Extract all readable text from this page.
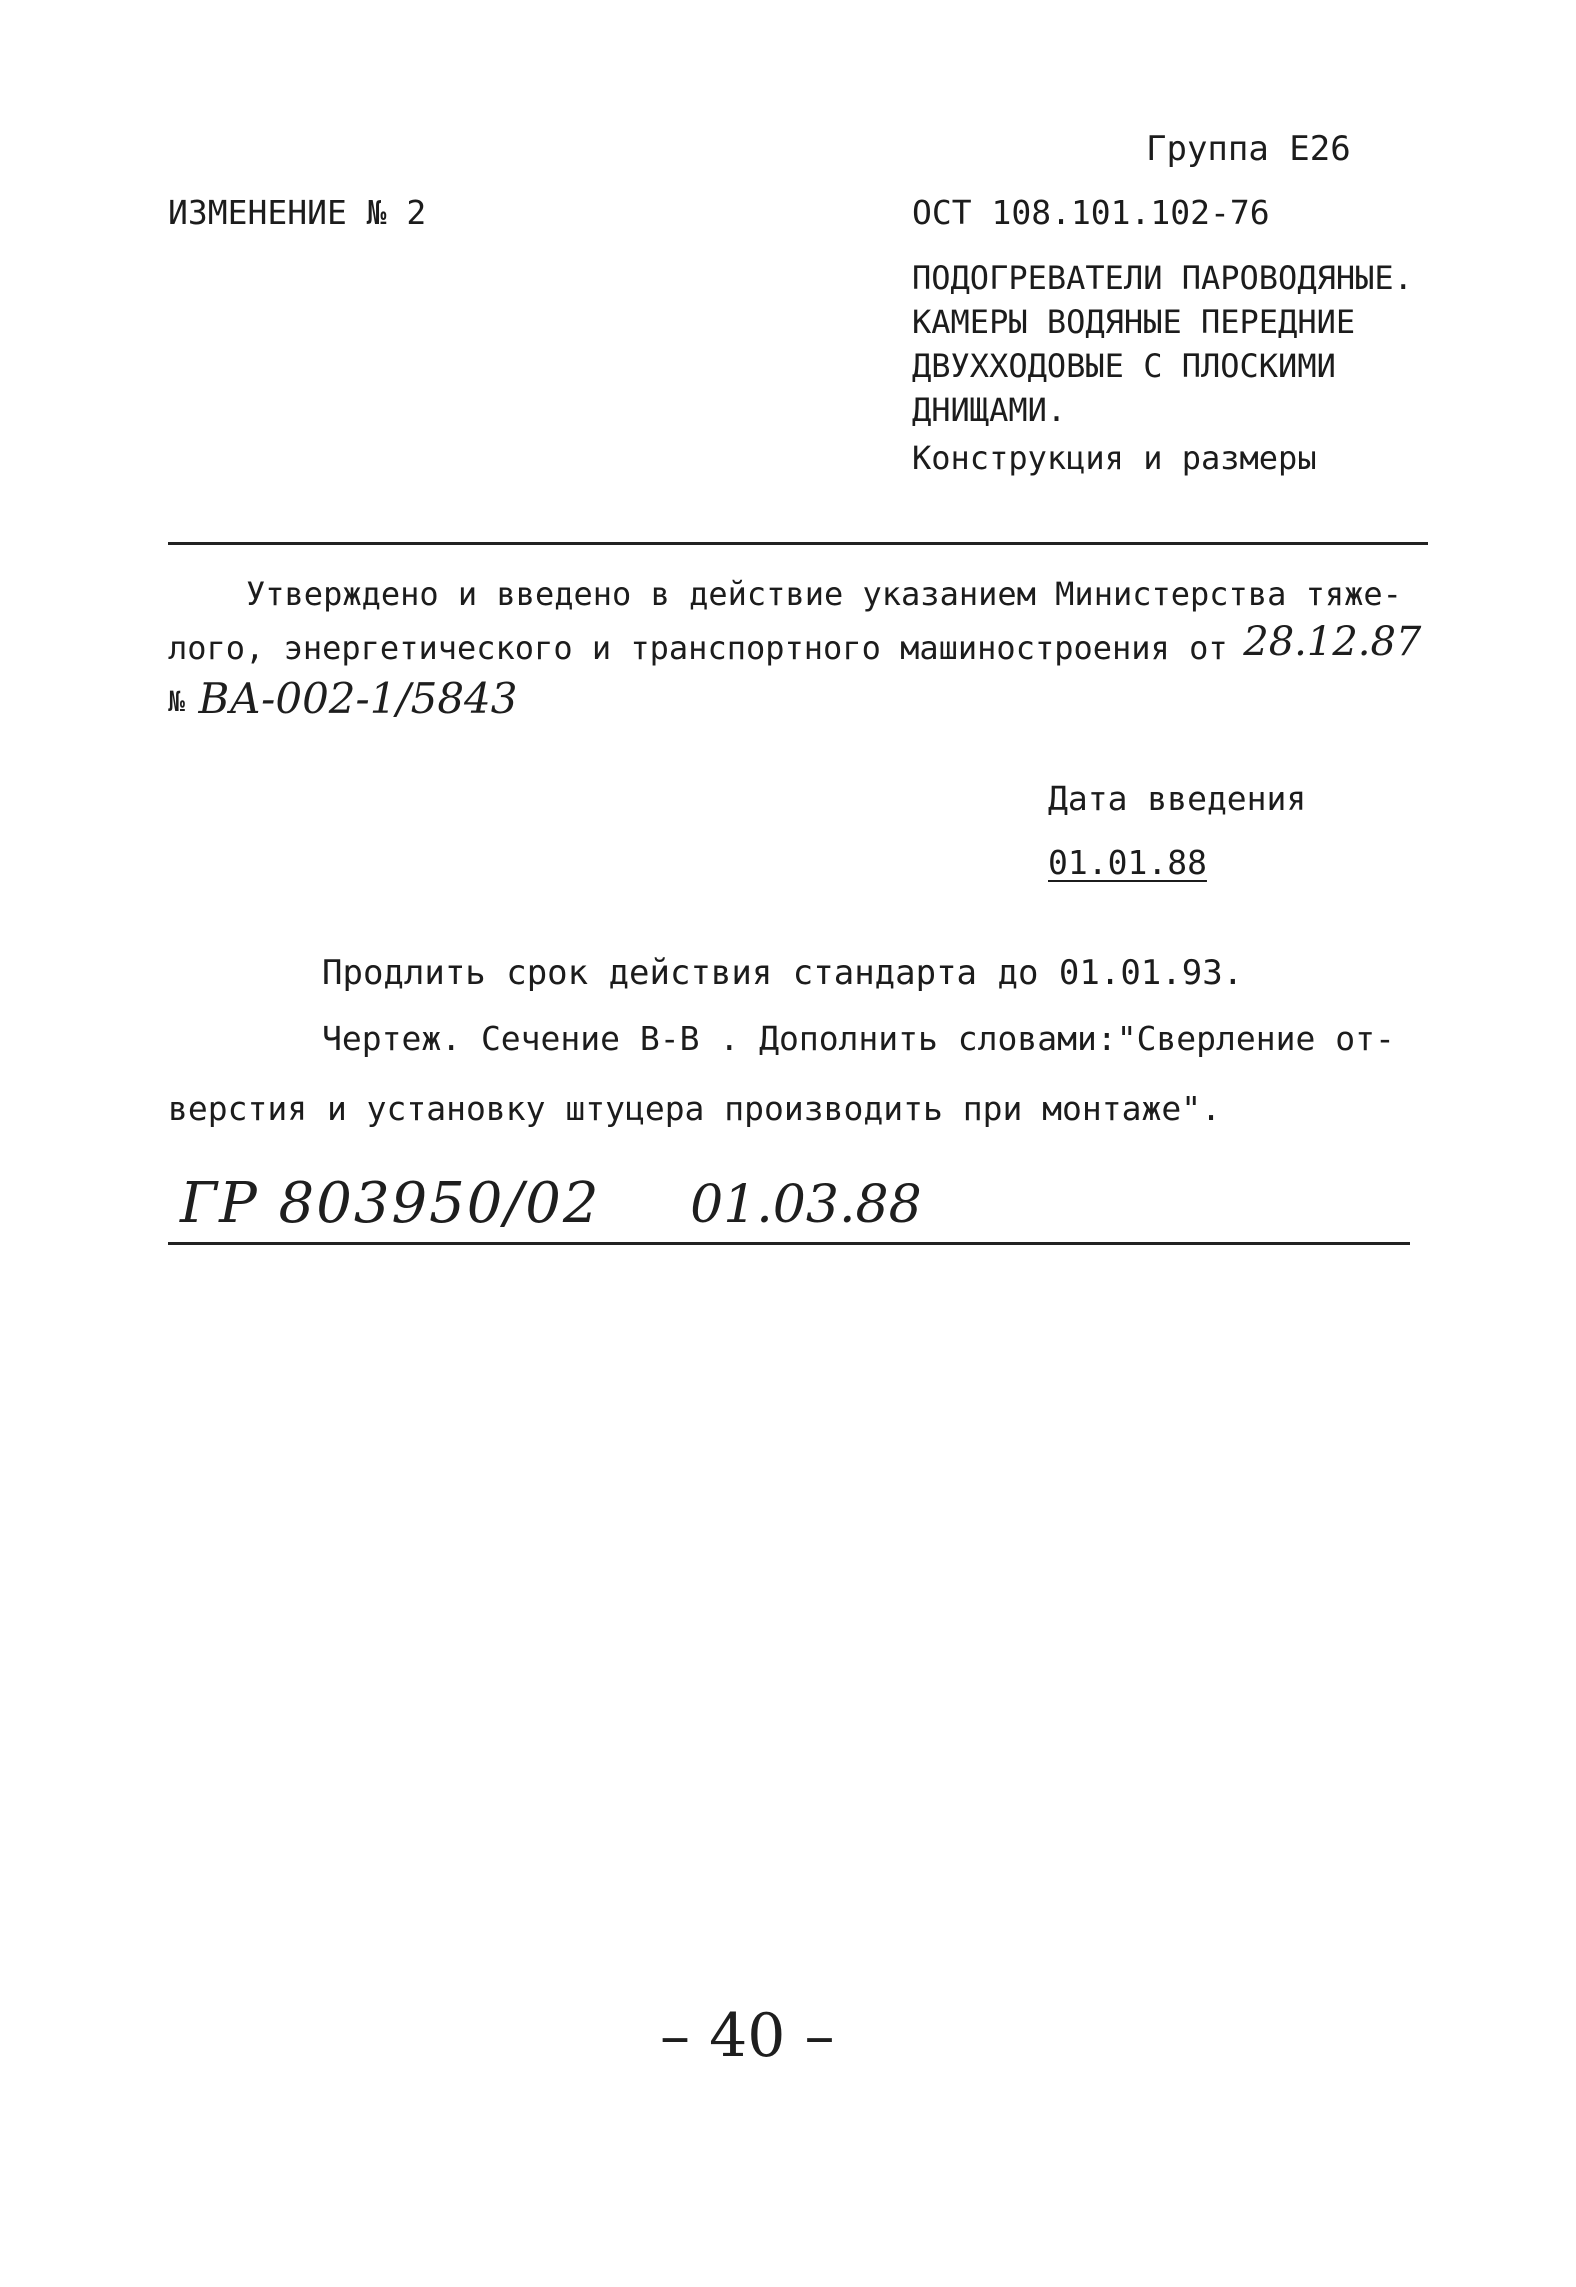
Группа Е26
ИЗМЕНЕНИЕ № 2	ОСТ 108.101.102-76
ПОДОГРЕВАТЕЛИ ПАРОВОДЯНЫЕ.
КАМЕРЫ ВОДЯНЫЕ ПЕРЕДНИЕ
ДВУХХОДОВЫЕ С ПЛОСКИМИ
ДНИЩАМИ.
Конструкция и размеры
Утверждено и введено в действие указанием Министерства тяже-
лого, энергетического и транспортного машиностроения от 28.12.87
№ ВА-002-1/5843
Дата введения
01.01.88
Продлить срок действия стандарта до 01.01.93.
Чертеж. Сечение В-В . Дополнить словами:"Сверление от-
верстия и установку штуцера производить при монтаже".
ГР 803950/02 01.03.88
– 40 –
